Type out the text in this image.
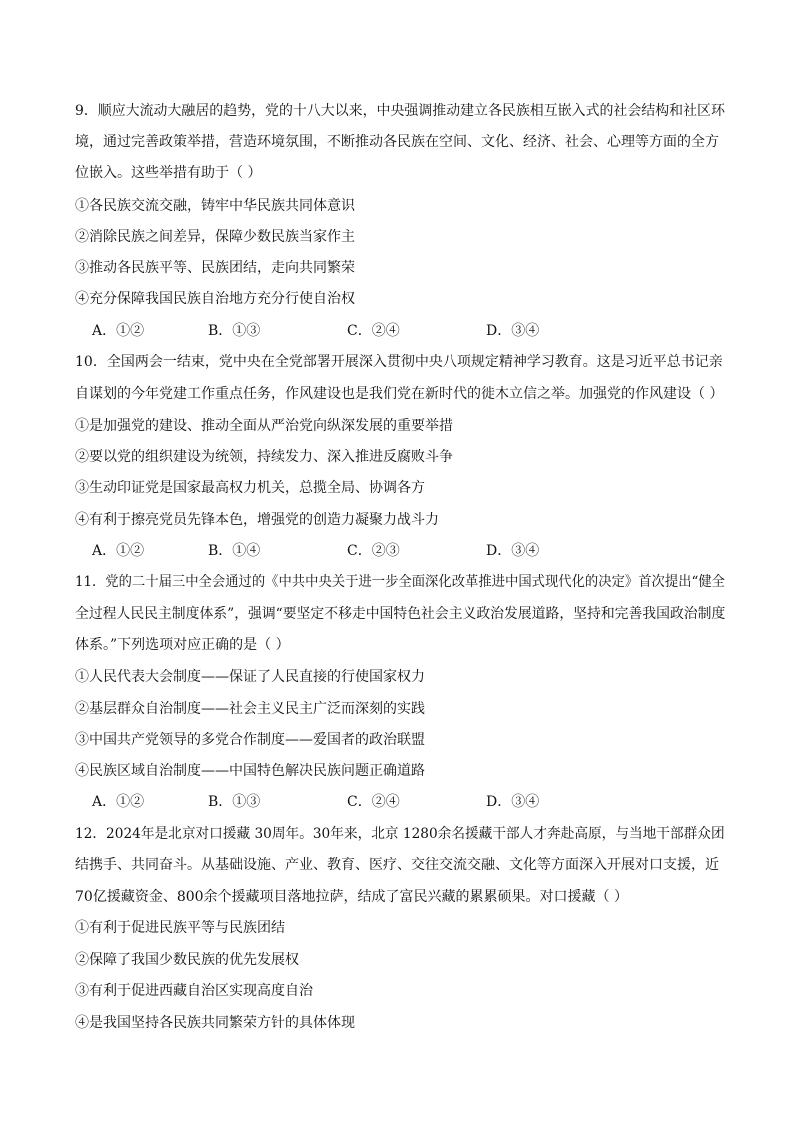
9．顺应大流动大融居的趋势，党的十八大以来，中央强调推动建立各民族相互嵌入式的社会结构和社区环
境，通过完善政策举措，营造环境氛围，不断推动各民族在空间、文化、经济、社会、心理等方面的全方
位嵌入。这些举措有助于（ ）
①各民族交流交融，铸牢中华民族共同体意识
②消除民族之间差异，保障少数民族当家作主
③推动各民族平等、民族团结，走向共同繁荣
④充分保障我国民族自治地方充分行使自治权
A．①②	B．①③	C．②④	D．③④
10．全国两会一结束，党中央在全党部署开展深入贯彻中央八项规定精神学习教育。这是习近平总书记亲
自谋划的今年党建工作重点任务，作风建设也是我们党在新时代的徙木立信之举。加强党的作风建设（ ）
①是加强党的建设、推动全面从严治党向纵深发展的重要举措
②要以党的组织建设为统领，持续发力、深入推进反腐败斗争
③生动印证党是国家最高权力机关，总揽全局、协调各方
④有利于擦亮党员先锋本色，增强党的创造力凝聚力战斗力
A．①②	B．①④	C．②③	D．③④
11．党的二十届三中全会通过的《中共中央关于进一步全面深化改革推进中国式现代化的决定》首次提出“健全
全过程人民民主制度体系”，强调“要坚定不移走中国特色社会主义政治发展道路，坚持和完善我国政治制度
体系。”下列选项对应正确的是（ ）
①人民代表大会制度——保证了人民直接的行使国家权力
②基层群众自治制度——社会主义民主广泛而深刻的实践
③中国共产党领导的多党合作制度——爱国者的政治联盟
④民族区域自治制度——中国特色解决民族问题正确道路
A．①②	B．①③	C．②④	D．③④
12．2024年是北京对口援藏 30周年。30年来，北京 1280余名援藏干部人才奔赴高原，与当地干部群众团
结携手、共同奋斗。从基础设施、产业、教育、医疗、交往交流交融、文化等方面深入开展对口支援，近
70亿援藏资金、800余个援藏项目落地拉萨，结成了富民兴藏的累累硕果。对口援藏（ ）
①有利于促进民族平等与民族团结
②保障了我国少数民族的优先发展权
③有利于促进西藏自治区实现高度自治
④是我国坚持各民族共同繁荣方针的具体体现
